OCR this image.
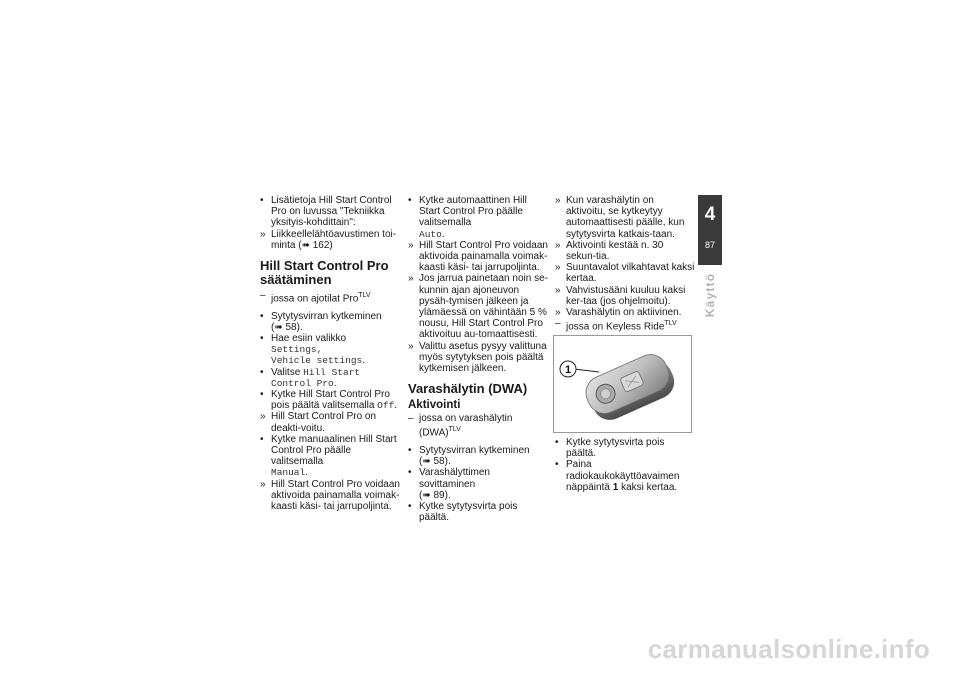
• Lisätietoja Hill Start Control Pro on luvussa "Tekniikka yksityis-kohdittain":

» Liikkeellelähtöavustimen toi-minta (➠ 162)

Hill Start Control Pro säätäminen

– jossa on ajotilat Pro$^{TLV}$

• Sytytysvirran kytkeminen
(➠ 58).

• Hae esiin valikko Settings,
Vehicle settings.

• Valitse Hill Start Control Pro.

• Kytke Hill Start Control Pro pois päältä valitsemalla Off.

» Hill Start Control Pro on deakti-voitu.

• Kytke manuaalinen Hill Start Control Pro päälle valitsemalla
Manual.

» Hill Start Control Pro voidaan aktivoida painamalla voimak-kaasti käsi- tai jarrupoljinta.

• Kytke automaattinen Hill Start Control Pro päälle valitsemalla
Auto.

» Hill Start Control Pro voidaan aktivoida painamalla voimak-kaasti käsi- tai jarrupoljinta.

» Jos jarrua painetaan noin se-kunnin ajan ajoneuvon pysäh-tymisen jälkeen ja ylämäessä on vähintään 5 % nousu, Hill Start Control Pro aktivoituu au-tomaattisesti.

» Valittu asetus pysyy valittuna myös sytytyksen pois päältä kytkemisen jälkeen.

Varashälytin (DWA)
Aktivointi

– jossa on varashälytin (DWA)$^{TLV}$

• Sytytysvirran kytkeminen
(➠ 58).

• Varashälyttimen sovittaminen
(➠ 89).

• Kytke sytytysvirta pois päältä.

» Kun varashälytin on aktivoitu, se kytkeytyy automaattisesti päälle, kun sytytysvirta katkais-taan.

» Aktivointi kestää n. 30 sekun-tia.

» Suuntavalot vilkahtavat kaksi kertaa.

» Vahvistusääni kuuluu kaksi ker-taa (jos ohjelmoitu).

» Varashälytin on aktiivinen.

– jossa on Keyless Ride$^{TLV}$

• Kytke sytytysvirta pois päältä.

• Paina radiokaukokäyttöavaimen näppäintä 1 kaksi kertaa.

1
4
87
Käyttö
carmanualsonline.info
